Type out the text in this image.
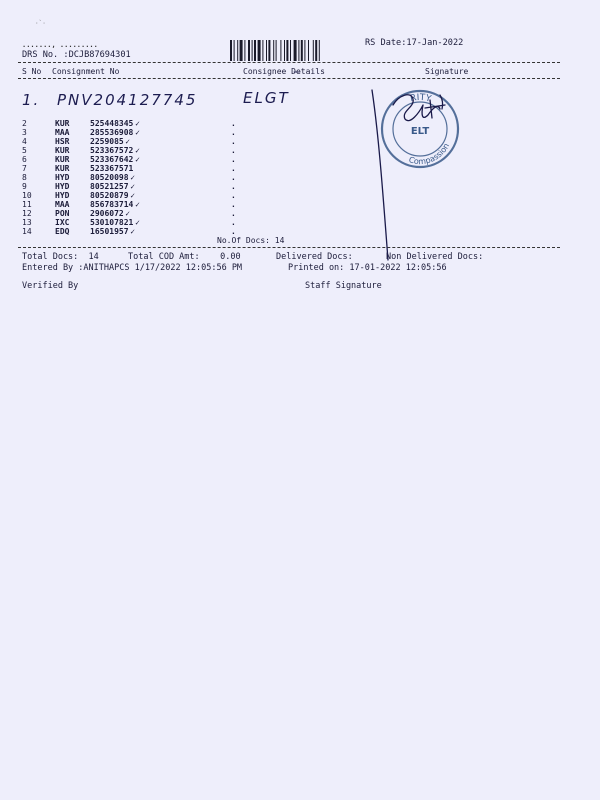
·`·
......., .........
DRS No. :DCJB87694301
RS Date:17-Jan-2022
S No Consignment No	Consignee Details	Signature
1. PNV204127745	ELGT
2	KUR	525448345 ✓	.
3	MAA	285536908 ✓	.
4	HSR	2259085 ✓	.
5	KUR	523367572 ✓	.
6	KUR	523367642 ✓	.
7	KUR	523367571	.
8	HYD	80520098 ✓	.
9	HYD	80521257 ✓	.
10	HYD	80520879 ✓	.
11	MAA	856783714 ✓	.
12	PON	2906072 ✓	.
13	IXC	530107821 ✓	.
14	EDQ	16501957 ✓	.
No.Of Docs: 14
Total Docs:  14	Total COD Amt:    0.00	Delivered Docs:	Non Delivered Docs:
Entered By :ANITHAPCS 1/17/2022 12:05:56 PM	Printed on: 17-01-2022 12:05:56
Verified By	Staff Signature
RITY
Compassion
ELT
